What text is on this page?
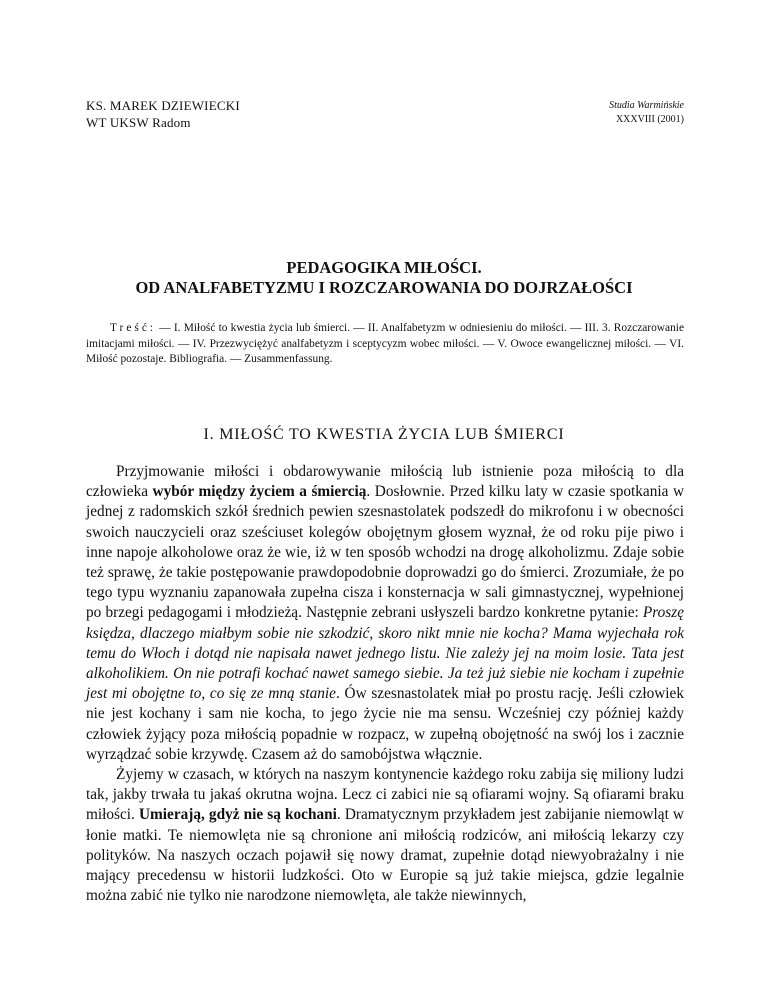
KS. MAREK DZIEWIECKI
WT UKSW Radom
Studia Warmińskie
XXXVIII (2001)
PEDAGOGIKA MIŁOŚCI.
OD ANALFABETYZMU I ROZCZAROWANIA DO DOJRZAŁOŚCI
Treść: — I. Miłość to kwestia życia lub śmierci. — II. Analfabetyzm w odniesieniu do miłości. — III. 3. Rozczarowanie imitacjami miłości. — IV. Przezwyciężyć analfabetyzm i sceptycyzm wobec miłości. — V. Owoce ewangelicznej miłości. — VI. Miłość pozostaje. Bibliografia. — Zusammenfassung.
I. MIŁOŚĆ TO KWESTIA ŻYCIA LUB ŚMIERCI

Przyjmowanie miłości i obdarowywanie miłością lub istnienie poza miłością to dla człowieka wybór między życiem a śmiercią. Dosłownie. Przed kilku laty w czasie spotkania w jednej z radomskich szkół średnich pewien szesnastolatek podszedł do mikrofonu i w obecności swoich nauczycieli oraz sześciuset kolegów obojętnym głosem wyznał, że od roku pije piwo i inne napoje alkoholowe oraz że wie, iż w ten sposób wchodzi na drogę alkoholizmu. Zdaje sobie też sprawę, że takie postępowanie prawdopodobnie doprowadzi go do śmierci. Zrozumiałe, że po tego typu wyznaniu zapanowała zupełna cisza i konsternacja w sali gimnastycznej, wypełnionej po brzegi pedagogami i młodzieżą. Następnie zebrani usłyszeli bardzo konkretne pytanie: Proszę księdza, dlaczego miałbym sobie nie szkodzić, skoro nikt mnie nie kocha? Mama wyjechała rok temu do Włoch i dotąd nie napisała nawet jednego listu. Nie zależy jej na moim losie. Tata jest alkoholikiem. On nie potrafi kochać nawet samego siebie. Ja też już siebie nie kocham i zupełnie jest mi obojętne to, co się ze mną stanie. Ów szesnastolatek miał po prostu rację. Jeśli człowiek nie jest kochany i sam nie kocha, to jego życie nie ma sensu. Wcześniej czy później każdy człowiek żyjący poza miłością popadnie w rozpacz, w zupełną obojętność na swój los i zacznie wyrządzać sobie krzywdę. Czasem aż do samobójstwa włącznie.

Żyjemy w czasach, w których na naszym kontynencie każdego roku zabija się miliony ludzi tak, jakby trwała tu jakaś okrutna wojna. Lecz ci zabici nie są ofiarami wojny. Są ofiarami braku miłości. Umierają, gdyż nie są kochani. Dramatycznym przykładem jest zabijanie niemowląt w łonie matki. Te niemowlęta nie są chronione ani miłością rodziców, ani miłością lekarzy czy polityków. Na naszych oczach pojawił się nowy dramat, zupełnie dotąd niewyobrażalny i nie mający precedensu w historii ludzkości. Oto w Europie są już takie miejsca, gdzie legalnie można zabić nie tylko nie narodzone niemowlęta, ale także niewinnych,
